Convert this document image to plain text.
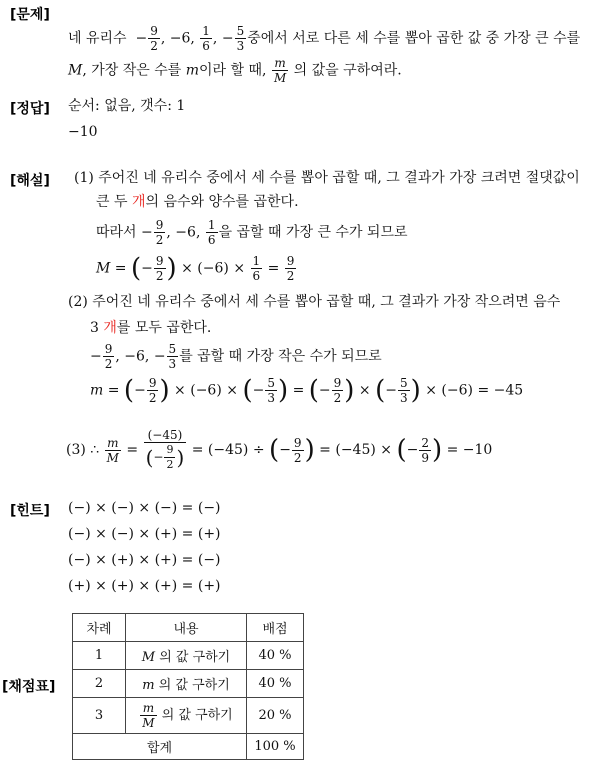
[문제]
네 유리수  − $\frac{9}{2}$ , −6, $\frac{1}{6}$ , − $\frac{5}{3}$ 중에서 서로 다른 세 수를 뽑아 곱한 값 중 가장 큰 수를
M, 가장 작은 수를 m이라 할 때, $\frac{m}{M}$ 의 값을 구하여라.
[정답] 순서: 없음, 갯수: 1
−10
[해설] (1) 주어진 네 유리수 중에서 세 수를 뽑아 곱할 때, 그 결과가 가장 크려면 절댓값이
큰 두 개의 음수와 양수를 곱한다.
따라서 − $\frac{9}{2}$ , −6, $\frac{1}{6}$ 을 곱할 때 가장 큰 수가 되므로
M = (− $\frac{9}{2}$ ) × $(-6) \times \frac{1}{6} = \frac{9}{2}$
(2) 주어진 네 유리수 중에서 세 수를 뽑아 곱할 때, 그 결과가 가장 작으려면 음수
3 개를 모두 곱한다.
− $\frac{9}{2}$ , −6, − $\frac{5}{3}$ 를 곱할 때 가장 작은 수가 되므로
m = (− $\frac{9}{2}$ ) × (−6) × (− $\frac{5}{3}$ ) = (− $\frac{9}{2}$ ) × (− $\frac{5}{3}$ ) × (−6) = −45
(3) ∴ $\frac{m}{M} = \frac{(-45)}{(- \frac{9}{2} )} = (-45)$ ÷ (− $\frac{9}{2}$ ) = (−45) × (− $\frac{2}{9}$ ) = −10
[힌트] (−) × (−) × (−) = (−)
(−) × (−) × (+) = (+)
(−) × (+) × (+) = (−)
(+) × (+) × (+) = (+)
[채점표]
차례	내용	배점
1	M 의 값 구하기	40 %
2	m 의 값 구하기	40 %
3	$\frac{m}{M}$ 의 값 구하기	20 %
합계		100 %
